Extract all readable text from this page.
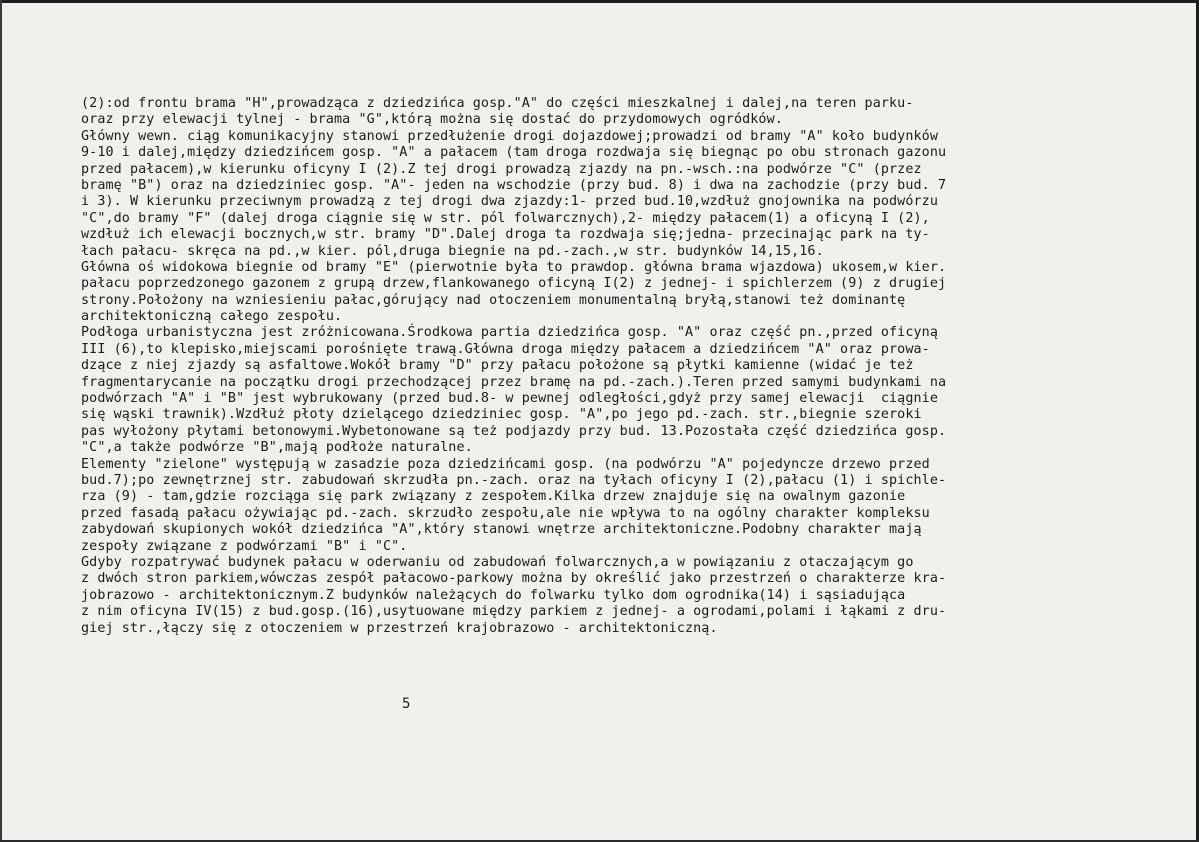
(2):od frontu brama "H",prowadząca z dziedzińca gosp."A" do części mieszkalnej i dalej,na teren parku-
oraz przy elewacji tylnej - brama "G",którą można się dostać do przydomowych ogródków.
Główny wewn. ciąg komunikacyjny stanowi przedłużenie drogi dojazdowej;prowadzi od bramy "A" koło budynków
9-10 i dalej,między dziedzińcem gosp. "A" a pałacem (tam droga rozdwaja się biegnąc po obu stronach gazonu
przed pałacem),w kierunku oficyny I (2).Z tej drogi prowadzą zjazdy na pn.-wsch.:na podwórze "C" (przez
bramę "B") oraz na dziedziniec gosp. "A"- jeden na wschodzie (przy bud. 8) i dwa na zachodzie (przy bud. 7
i 3). W kierunku przeciwnym prowadzą z tej drogi dwa zjazdy:1- przed bud.10,wzdłuż gnojownika na podwórzu
"C",do bramy "F" (dalej droga ciągnie się w str. pól folwarcznych),2- między pałacem(1) a oficyną I (2),
wzdłuż ich elewacji bocznych,w str. bramy "D".Dalej droga ta rozdwaja się;jedna- przecinając park na ty-
łach pałacu- skręca na pd.,w kier. pól,druga biegnie na pd.-zach.,w str. budynków 14,15,16.
Główna oś widokowa biegnie od bramy "E" (pierwotnie była to prawdop. główna brama wjazdowa) ukosem,w kier.
pałacu poprzedzonego gazonem z grupą drzew,flankowanego oficyną I(2) z jednej- i spichlerzem (9) z drugiej
strony.Położony na wzniesieniu pałac,górujący nad otoczeniem monumentalną bryłą,stanowi też dominantę
architektoniczną całego zespołu.
Podłoga urbanistyczna jest zróżnicowana.Środkowa partia dziedzińca gosp. "A" oraz część pn.,przed oficyną
III (6),to klepisko,miejscami porośnięte trawą.Główna droga między pałacem a dziedzińcem "A" oraz prowa-
dzące z niej zjazdy są asfaltowe.Wokół bramy "D" przy pałacu położone są płytki kamienne (widać je też
fragmentarycanie na początku drogi przechodzącej przez bramę na pd.-zach.).Teren przed samymi budynkami na
podwórzach "A" i "B" jest wybrukowany (przed bud.8- w pewnej odległości,gdyż przy samej elewacji  ciągnie
się wąski trawnik).Wzdłuż płoty dzielącego dziedziniec gosp. "A",po jego pd.-zach. str.,biegnie szeroki
pas wyłożony płytami betonowymi.Wybetonowane są też podjazdy przy bud. 13.Pozostała część dziedzińca gosp.
"C",a także podwórze "B",mają podłoże naturalne.
Elementy "zielone" występują w zasadzie poza dziedzińcami gosp. (na podwórzu "A" pojedyncze drzewo przed
bud.7);po zewnętrznej str. zabudowań skrzudła pn.-zach. oraz na tyłach oficyny I (2),pałacu (1) i spichle-
rza (9) - tam,gdzie rozciąga się park związany z zespołem.Kilka drzew znajduje się na owalnym gazonie
przed fasadą pałacu ożywiając pd.-zach. skrzudło zespołu,ale nie wpływa to na ogólny charakter kompleksu
zabydowań skupionych wokół dziedzińca "A",który stanowi wnętrze architektoniczne.Podobny charakter mają
zespoły związane z podwórzami "B" i "C".
Gdyby rozpatrywać budynek pałacu w oderwaniu od zabudowań folwarcznych,a w powiązaniu z otaczającym go
z dwóch stron parkiem,wówczas zespół pałacowo-parkowy można by określić jako przestrzeń o charakterze kra-
jobrazowo - architektonicznym.Z budynków należących do folwarku tylko dom ogrodnika(14) i sąsiadująca
z nim oficyna IV(15) z bud.gosp.(16),usytuowane między parkiem z jednej- a ogrodami,polami i łąkami z dru-
giej str.,łączy się z otoczeniem w przestrzeń krajobrazowo - architektoniczną.
5
